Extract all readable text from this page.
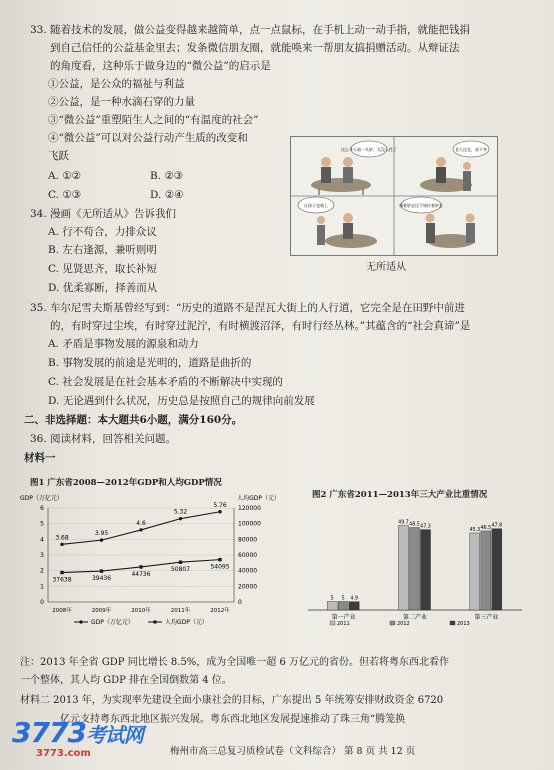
33. 随着技术的发展，做公益变得越来越简单，点一点鼠标，在手机上动一动手指，就能把钱捐
到自己信任的公益基金里去；发条微信朋友圈，就能唤来一帮朋友搞捐赠活动。从辩证法
的角度看，这种乐于做身边的“微公益”的启示是
①公益，是公众的福祉与利益
②公益，是一种水滴石穿的力量
③“微公益”重塑陌生人之间的“有温度的社会”
④“微公益”可以对公益行动产生质的改变和
飞跃
A. ①②	B. ②③
C. ①③	D. ②④
34. 漫画《无所适从》告诉我们
A. 行不苟合，力排众议
B. 左右逢源，兼听则明
C. 见贤思齐，取长补短
D. 优柔寡断，择善而从
这么多人骑一头驴，太没人性了	老人还走，真不孝
让孩子也骑上	骑着驴走还不如拉着驴走
无所适从
35. 车尔尼雪夫斯基曾经写到：“历史的道路不是涅瓦大街上的人行道，它完全是在田野中前进
的，有时穿过尘埃，有时穿过泥泞，有时横渡沼泽，有时行经丛林。”其蕴含的“社会真谛”是
A. 矛盾是事物发展的源泉和动力
B. 事物发展的前途是光明的，道路是曲折的
C. 社会发展是在社会基本矛盾的不断解决中实现的
D. 无论遇到什么状况，历史总是按照自己的规律向前发展
二、非选择题：本大题共6小题，满分160分。
36. 阅读材料，回答相关问题。
材料一
图1 广东省2008—2012年GDP和人均GDP情况
GDP（万亿元）	人均GDP（元）
0
1
2
3
4
5
6
0
20000
40000
60000
80000
100000
120000
2008年	2009年	2010年	2011年	2012年
3.68
3.95
4.6
5.32
5.76
37638	39436
44736
50807	54095
GDP（万亿元）	人均GDP（元）
图2 广东省2011—2013年三大产业比重情况
5 5 4.9
第一产业
49.7 48.5 47.3
第二产业
45.3 46.5 47.8
第三产业
2011	2012	2013
注：2013 年全省 GDP 同比增长 8.5%，成为全国唯一超 6 万亿元的省份。但若将粤东西北看作
一个整体，其人均 GDP 排在全国倒数第 4 位。
材料二 2013 年，为实现率先建设全面小康社会的目标，广东提出 5 年统筹安排财政资金 6720
亿元支持粤东西北地区振兴发展。粤东西北地区发展提速推动了珠三角“腾笼换
梅州市高三总复习质检试卷（文科综合） 第 8 页 共 12 页
3773考试网
3773.com
